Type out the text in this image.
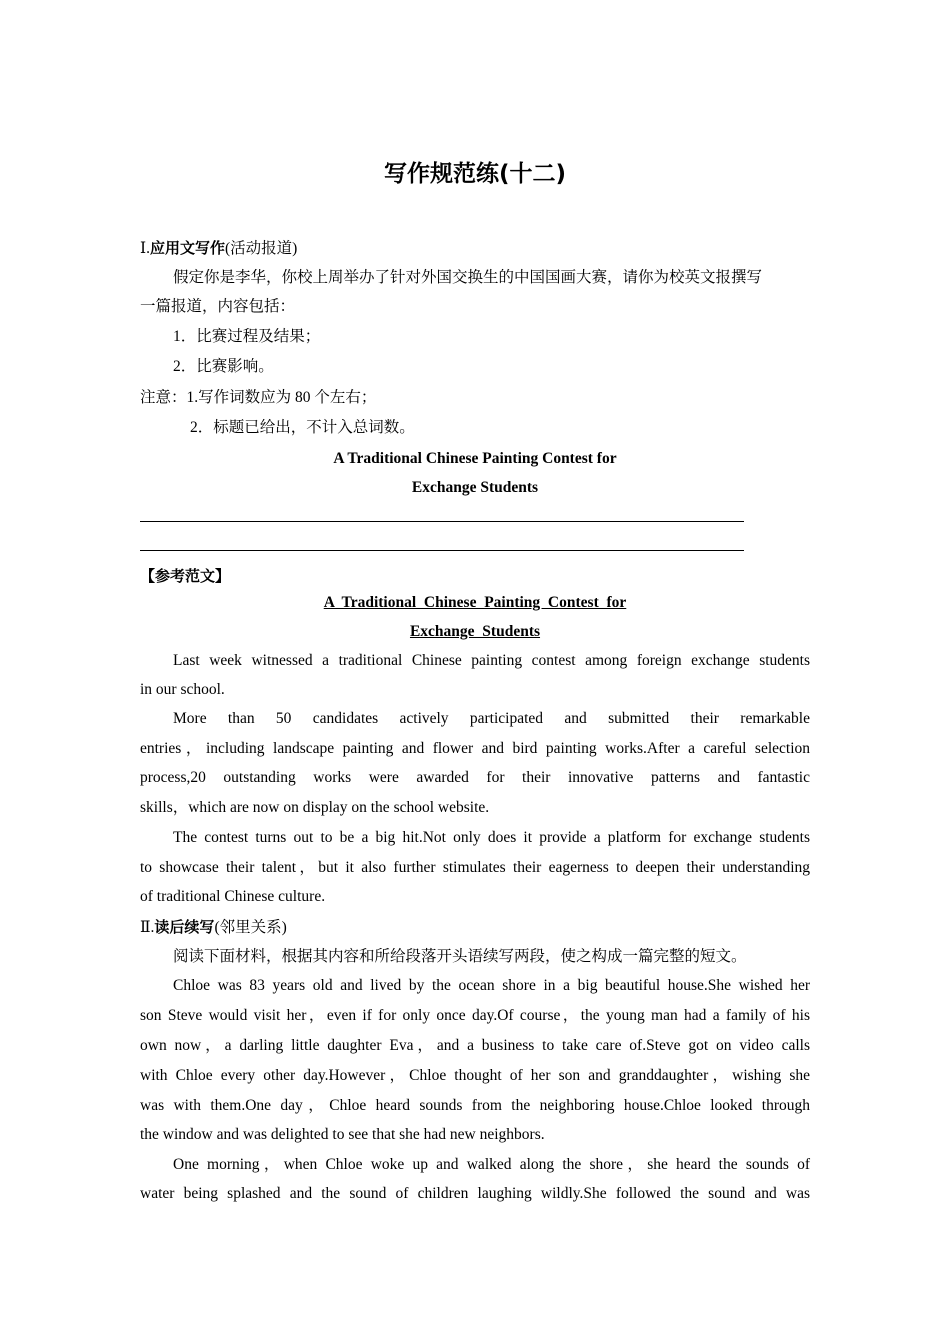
写作规范练(十二)
Ⅰ.应用文写作(活动报道)
假定你是李华，你校上周举办了针对外国交换生的中国国画大赛，请你为校英文报撰写
一篇报道，内容包括：
1．比赛过程及结果；
2．比赛影响。
注意：1.写作词数应为 80 个左右；
2．标题已给出，不计入总词数。
A Traditional Chinese Painting Contest for
Exchange Students
【参考范文】
A  Traditional  Chinese  Painting  Contest  for
Exchange  Students
Last week witnessed a traditional Chinese painting contest among foreign exchange students
in our school.
More than 50 candidates actively participated and submitted their remarkable
entries，including landscape painting and flower and bird painting works.After a careful selection
process,20 outstanding works were awarded for their innovative patterns and fantastic
skills，which are now on display on the school website.
The contest turns out to be a big hit.Not only does it provide a platform for exchange students
to showcase their talent，but it also further stimulates their eagerness to deepen their understanding
of traditional Chinese culture.
Ⅱ.读后续写(邻里关系)
阅读下面材料，根据其内容和所给段落开头语续写两段，使之构成一篇完整的短文。
Chloe was 83 years old and lived by the ocean shore in a big beautiful house.She wished her
son Steve would visit her，even if for only once day.Of course，the young man had a family of his
own now，a darling little daughter Eva，and a business to take care of.Steve got on video calls
with Chloe every other day.However，Chloe thought of her son and granddaughter，wishing she
was with them.One day，Chloe heard sounds from the neighboring house.Chloe looked through
the window and was delighted to see that she had new neighbors.
One morning，when Chloe woke up and walked along the shore，she heard the sounds of
water being splashed and the sound of children laughing wildly.She followed the sound and was
